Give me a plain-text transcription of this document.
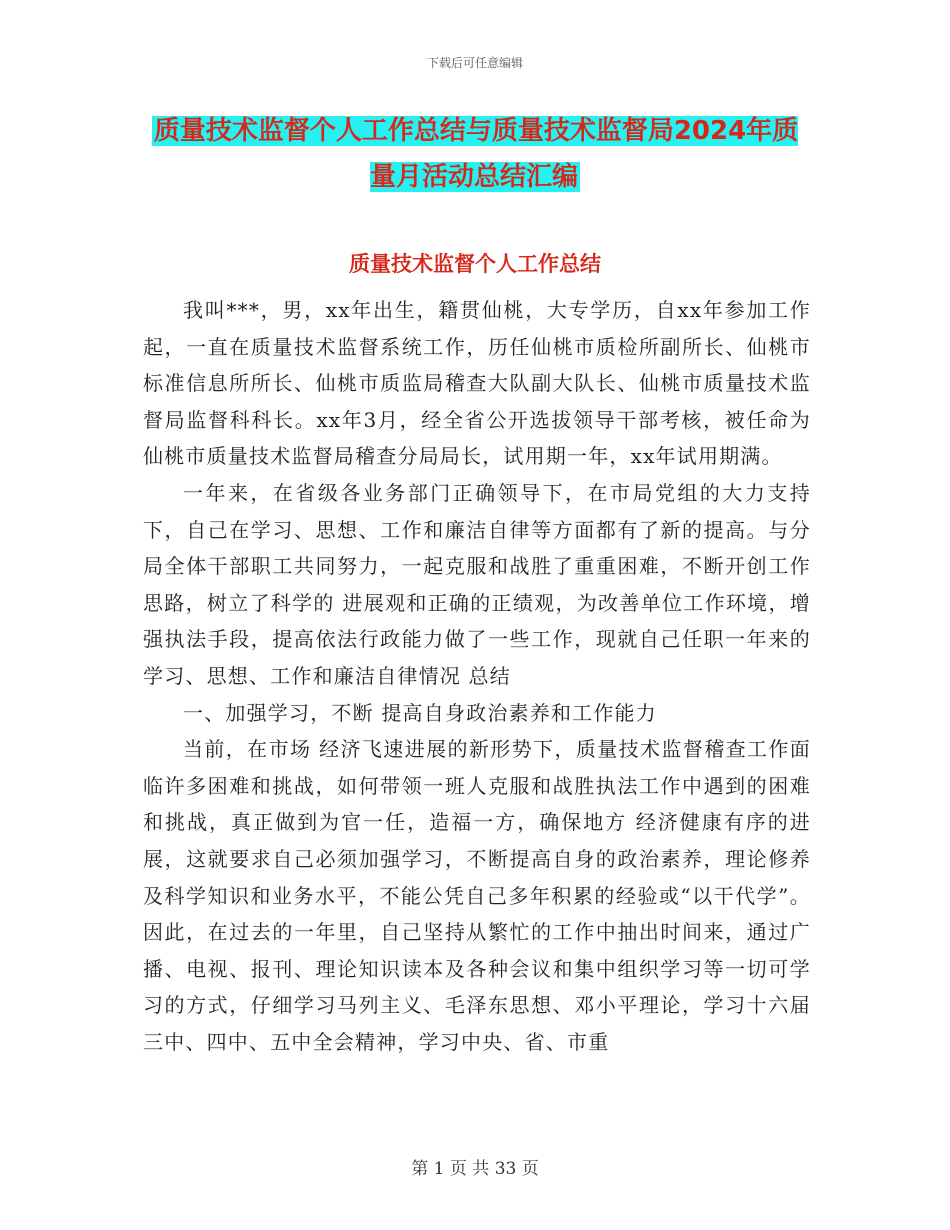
下载后可任意编辑
质量技术监督个人工作总结与质量技术监督局2024年质量月活动总结汇编
质量技术监督个人工作总结

我叫***，男，xx年出生，籍贯仙桃，大专学历，自xx年参加工作起，一直在质量技术监督系统工作，历任仙桃市质检所副所长、仙桃市标准信息所所长、仙桃市质监局稽查大队副大队长、仙桃市质量技术监督局监督科科长。xx年3月，经全省公开选拔领导干部考核，被任命为仙桃市质量技术监督局稽查分局局长，试用期一年，xx年试用期满。

一年来，在省级各业务部门正确领导下，在市局党组的大力支持下，自己在学习、思想、工作和廉洁自律等方面都有了新的提高。与分局全体干部职工共同努力，一起克服和战胜了重重困难，不断开创工作思路，树立了科学的 进展观和正确的正绩观，为改善单位工作环境，增强执法手段，提高依法行政能力做了一些工作，现就自己任职一年来的学习、思想、工作和廉洁自律情况 总结

一、加强学习，不断 提高自身政治素养和工作能力

当前，在市场 经济飞速进展的新形势下，质量技术监督稽查工作面临许多困难和挑战，如何带领一班人克服和战胜执法工作中遇到的困难和挑战，真正做到为官一任，造福一方，确保地方 经济健康有序的进展，这就要求自己必须加强学习，不断提高自身的政治素养，理论修养及科学知识和业务水平，不能公凭自己多年积累的经验或“以干代学”。因此，在过去的一年里，自己坚持从繁忙的工作中抽出时间来，通过广播、电视、报刊、理论知识读本及各种会议和集中组织学习等一切可学习的方式，仔细学习马列主义、毛泽东思想、邓小平理论，学习十六届三中、四中、五中全会精神，学习中央、省、市重

第 1 页 共 33 页
